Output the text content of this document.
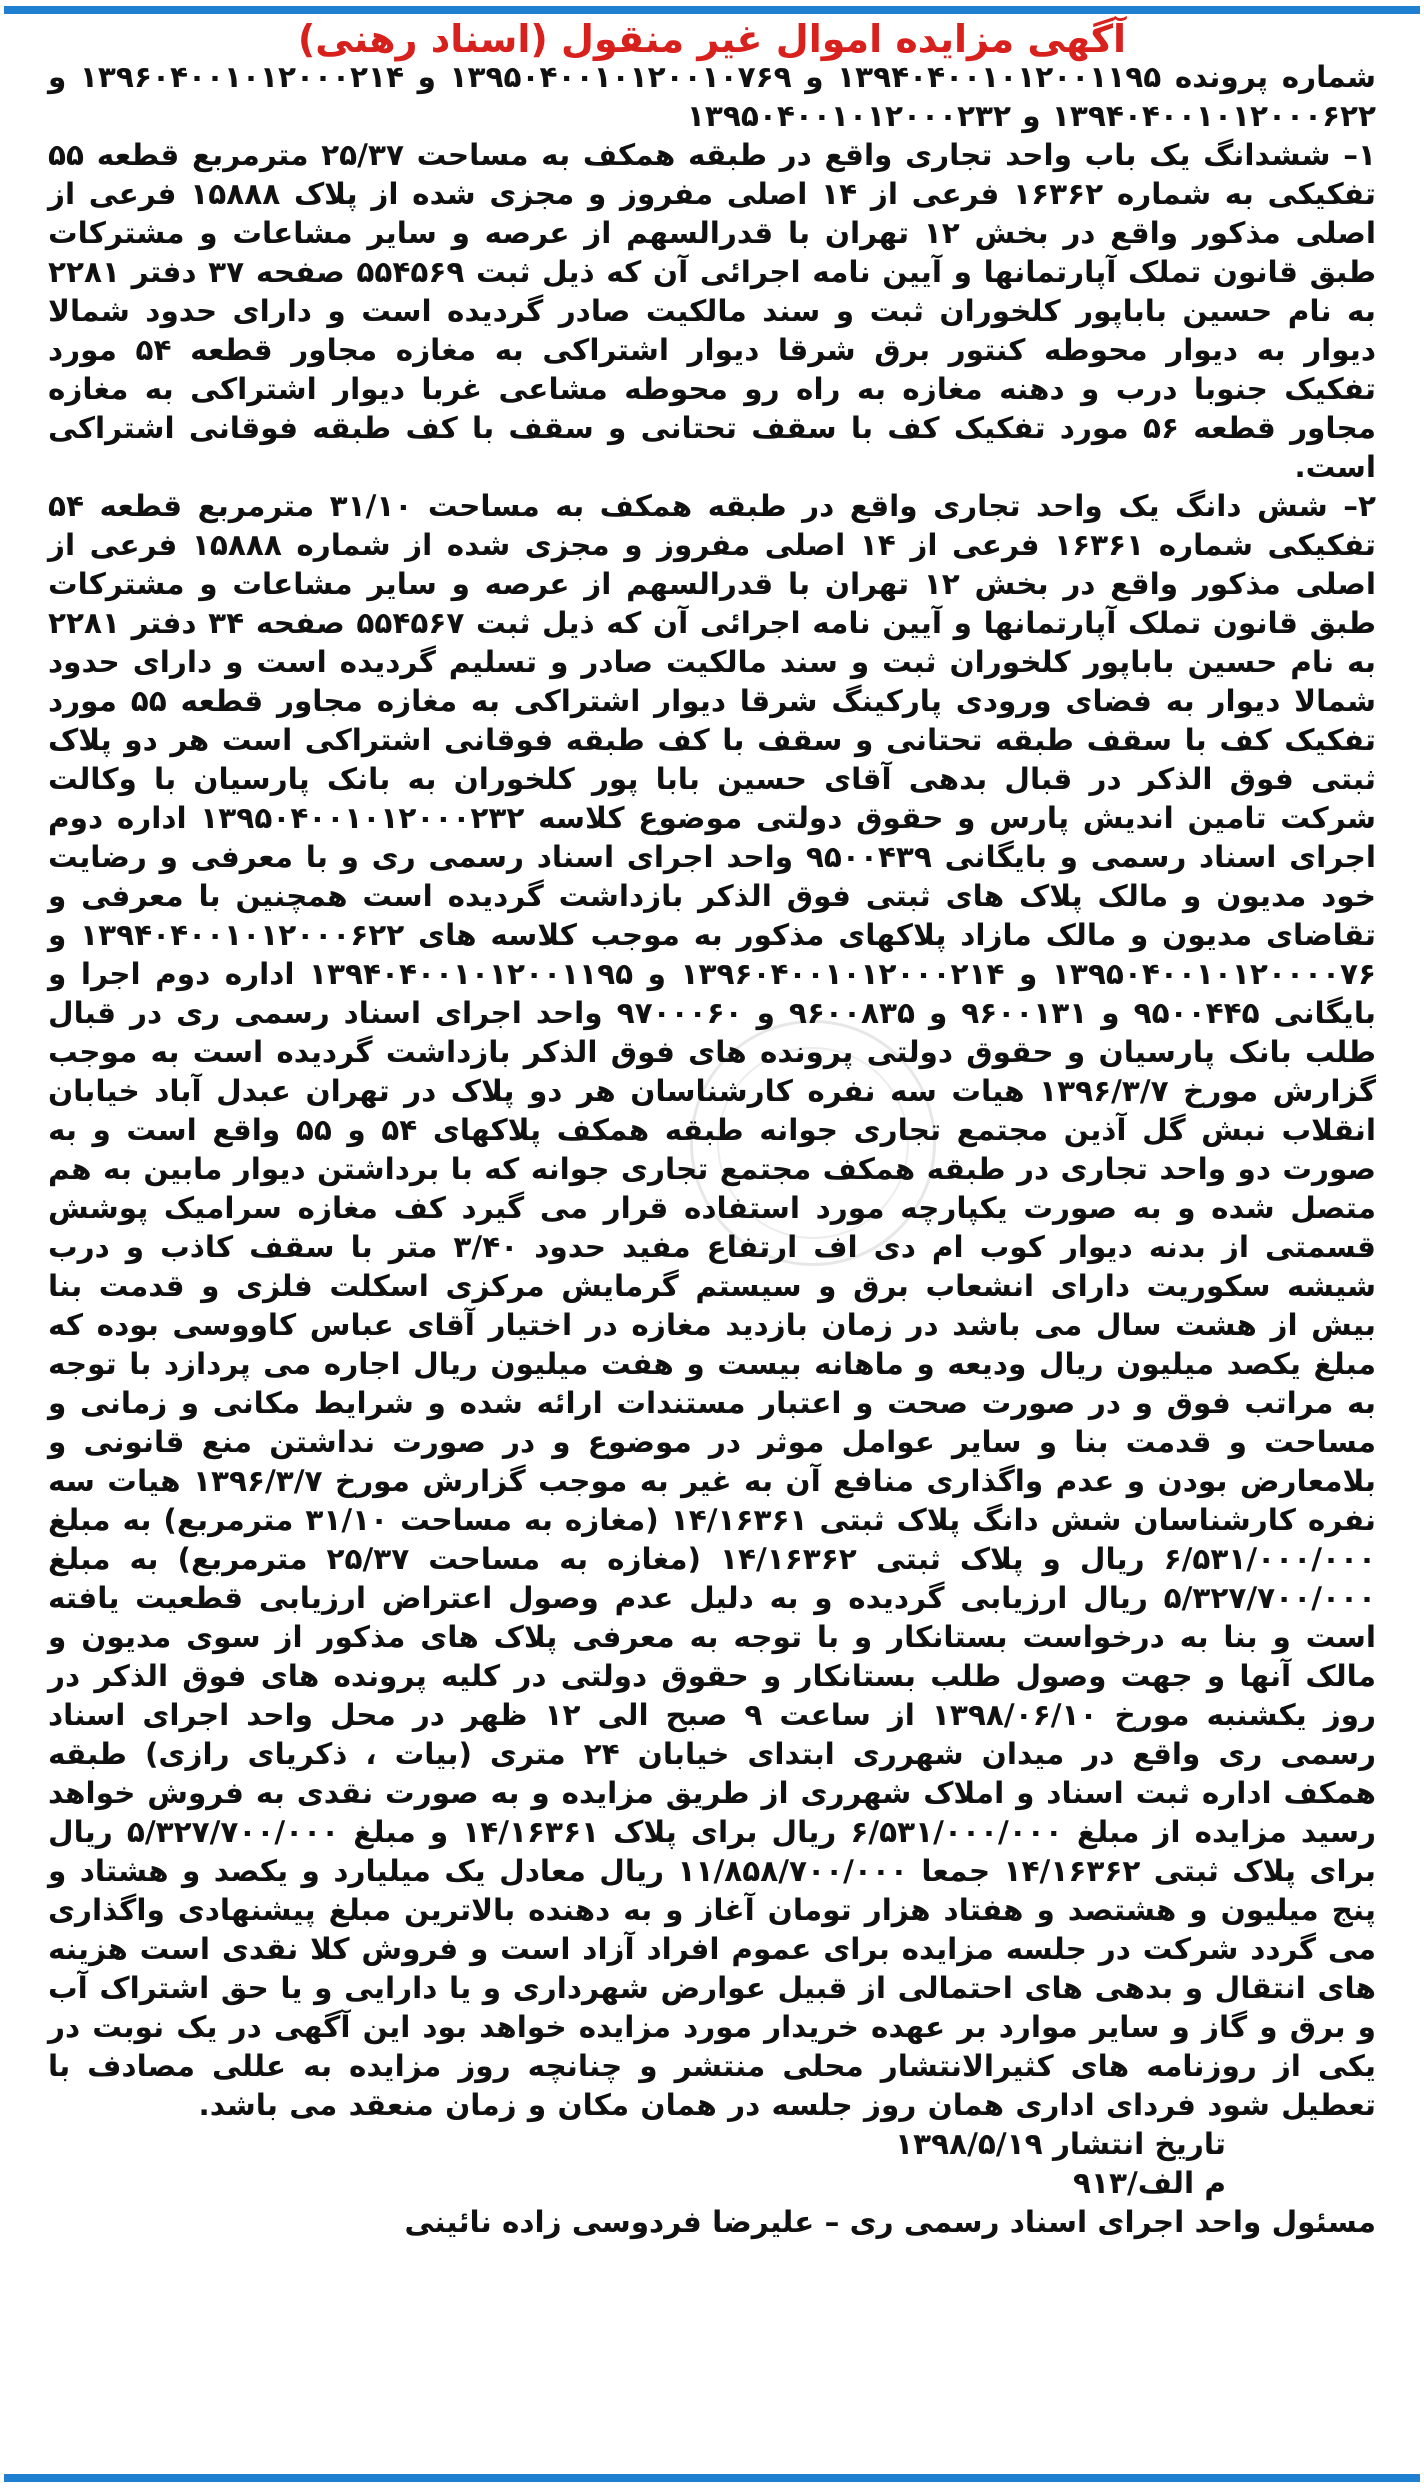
آگهی مزایده اموال غیر منقول (اسناد رهنی)

شماره پرونده ۱۳۹۴۰۴۰۰۱۰۱۲۰۰۱۱۹۵ و ۱۳۹۵۰۴۰۰۱۰۱۲۰۰۱۰۷۶۹ و ۱۳۹۶۰۴۰۰۱۰۱۲۰۰۰۲۱۴ و ۱۳۹۴۰۴۰۰۱۰۱۲۰۰۰۶۲۲ و ۱۳۹۵۰۴۰۰۱۰۱۲۰۰۰۲۳۲

۱– ششدانگ یک باب واحد تجاری واقع در طبقه همکف به مساحت ۲۵/۳۷ مترمربع قطعه ۵۵ تفکیکی به شماره ۱۶۳۶۲ فرعی از ۱۴ اصلی مفروز و مجزی شده از پلاک ۱۵۸۸۸ فرعی از اصلی مذکور واقع در بخش ۱۲ تهران با قدرالسهم از عرصه و سایر مشاعات و مشترکات طبق قانون تملک آپارتمانها و آیین نامه اجرائی آن که ذیل ثبت ۵۵۴۵۶۹ صفحه ۳۷ دفتر ۲۲۸۱ به نام حسین باباپور کلخوران ثبت و سند مالکیت صادر گردیده است و دارای حدود شمالا دیوار به دیوار محوطه کنتور برق شرقا دیوار اشتراکی به مغازه مجاور قطعه ۵۴ مورد تفکیک جنوبا درب و دهنه مغازه به راه رو محوطه مشاعی غربا دیوار اشتراکی به مغازه مجاور قطعه ۵۶ مورد تفکیک کف با سقف تحتانی و سقف با کف طبقه فوقانی اشتراکی است.

۲– شش دانگ یک واحد تجاری واقع در طبقه همکف به مساحت ۳۱/۱۰ مترمربع قطعه ۵۴ تفکیکی شماره ۱۶۳۶۱ فرعی از ۱۴ اصلی مفروز و مجزی شده از شماره ۱۵۸۸۸ فرعی از اصلی مذکور واقع در بخش ۱۲ تهران با قدرالسهم از عرصه و سایر مشاعات و مشترکات طبق قانون تملک آپارتمانها و آیین نامه اجرائی آن که ذیل ثبت ۵۵۴۵۶۷ صفحه ۳۴ دفتر ۲۲۸۱ به نام حسین باباپور کلخوران ثبت و سند مالکیت صادر و تسلیم گردیده است و دارای حدود شمالا دیوار به فضای ورودی پارکینگ شرقا دیوار اشتراکی به مغازه مجاور قطعه ۵۵ مورد تفکیک کف با سقف طبقه تحتانی و سقف با کف طبقه فوقانی اشتراکی است هر دو پلاک ثبتی فوق الذکر در قبال بدهی آقای حسین بابا پور کلخوران به بانک پارسیان با وکالت شرکت تامین اندیش پارس و حقوق دولتی موضوع کلاسه ۱۳۹۵۰۴۰۰۱۰۱۲۰۰۰۲۳۲ اداره دوم اجرای اسناد رسمی و بایگانی ۹۵۰۰۴۳۹ واحد اجرای اسناد رسمی ری و با معرفی و رضایت خود مدیون و مالک پلاک های ثبتی فوق الذکر بازداشت گردیده است همچنین با معرفی و تقاضای مدیون و مالک مازاد پلاکهای مذکور به موجب کلاسه های ۱۳۹۴۰۴۰۰۱۰۱۲۰۰۰۶۲۲ و ۱۳۹۵۰۴۰۰۱۰۱۲۰۰۰۰۷۶ و ۱۳۹۶۰۴۰۰۱۰۱۲۰۰۰۲۱۴ و ۱۳۹۴۰۴۰۰۱۰۱۲۰۰۱۱۹۵ اداره دوم اجرا و بایگانی ۹۵۰۰۴۴۵ و ۹۶۰۰۱۳۱ و ۹۶۰۰۸۳۵ و ۹۷۰۰۰۶۰ واحد اجرای اسناد رسمی ری در قبال طلب بانک پارسیان و حقوق دولتی پرونده های فوق الذکر بازداشت گردیده است به موجب گزارش مورخ ۱۳۹۶/۳/۷ هیات سه نفره کارشناسان هر دو پلاک در تهران عبدل آباد خیابان انقلاب نبش گل آذین مجتمع تجاری جوانه طبقه همکف پلاکهای ۵۴ و ۵۵ واقع است و به صورت دو واحد تجاری در طبقه همکف مجتمع تجاری جوانه که با برداشتن دیوار مابین به هم متصل شده و به صورت یکپارچه مورد استفاده قرار می گیرد کف مغازه سرامیک پوشش قسمتی از بدنه دیوار کوب ام دی اف ارتفاع مفید حدود ۳/۴۰ متر با سقف کاذب و درب شیشه سکوریت دارای انشعاب برق و سیستم گرمایش مرکزی اسکلت فلزی و قدمت بنا بیش از هشت سال می باشد در زمان بازدید مغازه در اختیار آقای عباس کاووسی بوده که مبلغ یکصد میلیون ریال ودیعه و ماهانه بیست و هفت میلیون ریال اجاره می پردازد با توجه به مراتب فوق و در صورت صحت و اعتبار مستندات ارائه شده و شرایط مکانی و زمانی و مساحت و قدمت بنا و سایر عوامل موثر در موضوع و در صورت نداشتن منع قانونی و بلامعارض بودن و عدم واگذاری منافع آن به غیر به موجب گزارش مورخ ۱۳۹۶/۳/۷ هیات سه نفره کارشناسان شش دانگ پلاک ثبتی ۱۴/۱۶۳۶۱ (مغازه به مساحت ۳۱/۱۰ مترمربع) به مبلغ ۶/۵۳۱/۰۰۰/۰۰۰ ریال و پلاک ثبتی ۱۴/۱۶۳۶۲ (مغازه به مساحت ۲۵/۳۷ مترمربع) به مبلغ ۵/۳۲۷/۷۰۰/۰۰۰ ریال ارزیابی گردیده و به دلیل عدم وصول اعتراض ارزیابی قطعیت یافته است و بنا به درخواست بستانکار و با توجه به معرفی پلاک های مذکور از سوی مدیون و مالک آنها و جهت وصول طلب بستانکار و حقوق دولتی در کلیه پرونده های فوق الذکر در روز یکشنبه مورخ ۱۳۹۸/۰۶/۱۰ از ساعت ۹ صبح الی ۱۲ ظهر در محل واحد اجرای اسناد رسمی ری واقع در میدان شهرری ابتدای خیابان ۲۴ متری (بیات ، ذکریای رازی) طبقه همکف اداره ثبت اسناد و املاک شهرری از طریق مزایده و به صورت نقدی به فروش خواهد رسید مزایده از مبلغ ۶/۵۳۱/۰۰۰/۰۰۰ ریال برای پلاک ۱۴/۱۶۳۶۱ و مبلغ ۵/۳۲۷/۷۰۰/۰۰۰ ریال برای پلاک ثبتی ۱۴/۱۶۳۶۲ جمعا ۱۱/۸۵۸/۷۰۰/۰۰۰ ریال معادل یک میلیارد و یکصد و هشتاد و پنج میلیون و هشتصد و هفتاد هزار تومان آغاز و به دهنده بالاترین مبلغ پیشنهادی واگذاری می گردد شرکت در جلسه مزایده برای عموم افراد آزاد است و فروش کلا نقدی است هزینه های انتقال و بدهی های احتمالی از قبیل عوارض شهرداری و یا دارایی و یا حق اشتراک آب و برق و گاز و سایر موارد بر عهده خریدار مورد مزایده خواهد بود این آگهی در یک نوبت در یکی از روزنامه های کثیرالانتشار محلی منتشر و چنانچه روز مزایده به عللی مصادف با تعطیل شود فردای اداری همان روز جلسه در همان مکان و زمان منعقد می باشد.

تاریخ انتشار ۱۳۹۸/۵/۱۹

م الف/۹۱۳

مسئول واحد اجرای اسناد رسمی ری – علیرضا فردوسی زاده نائینی
